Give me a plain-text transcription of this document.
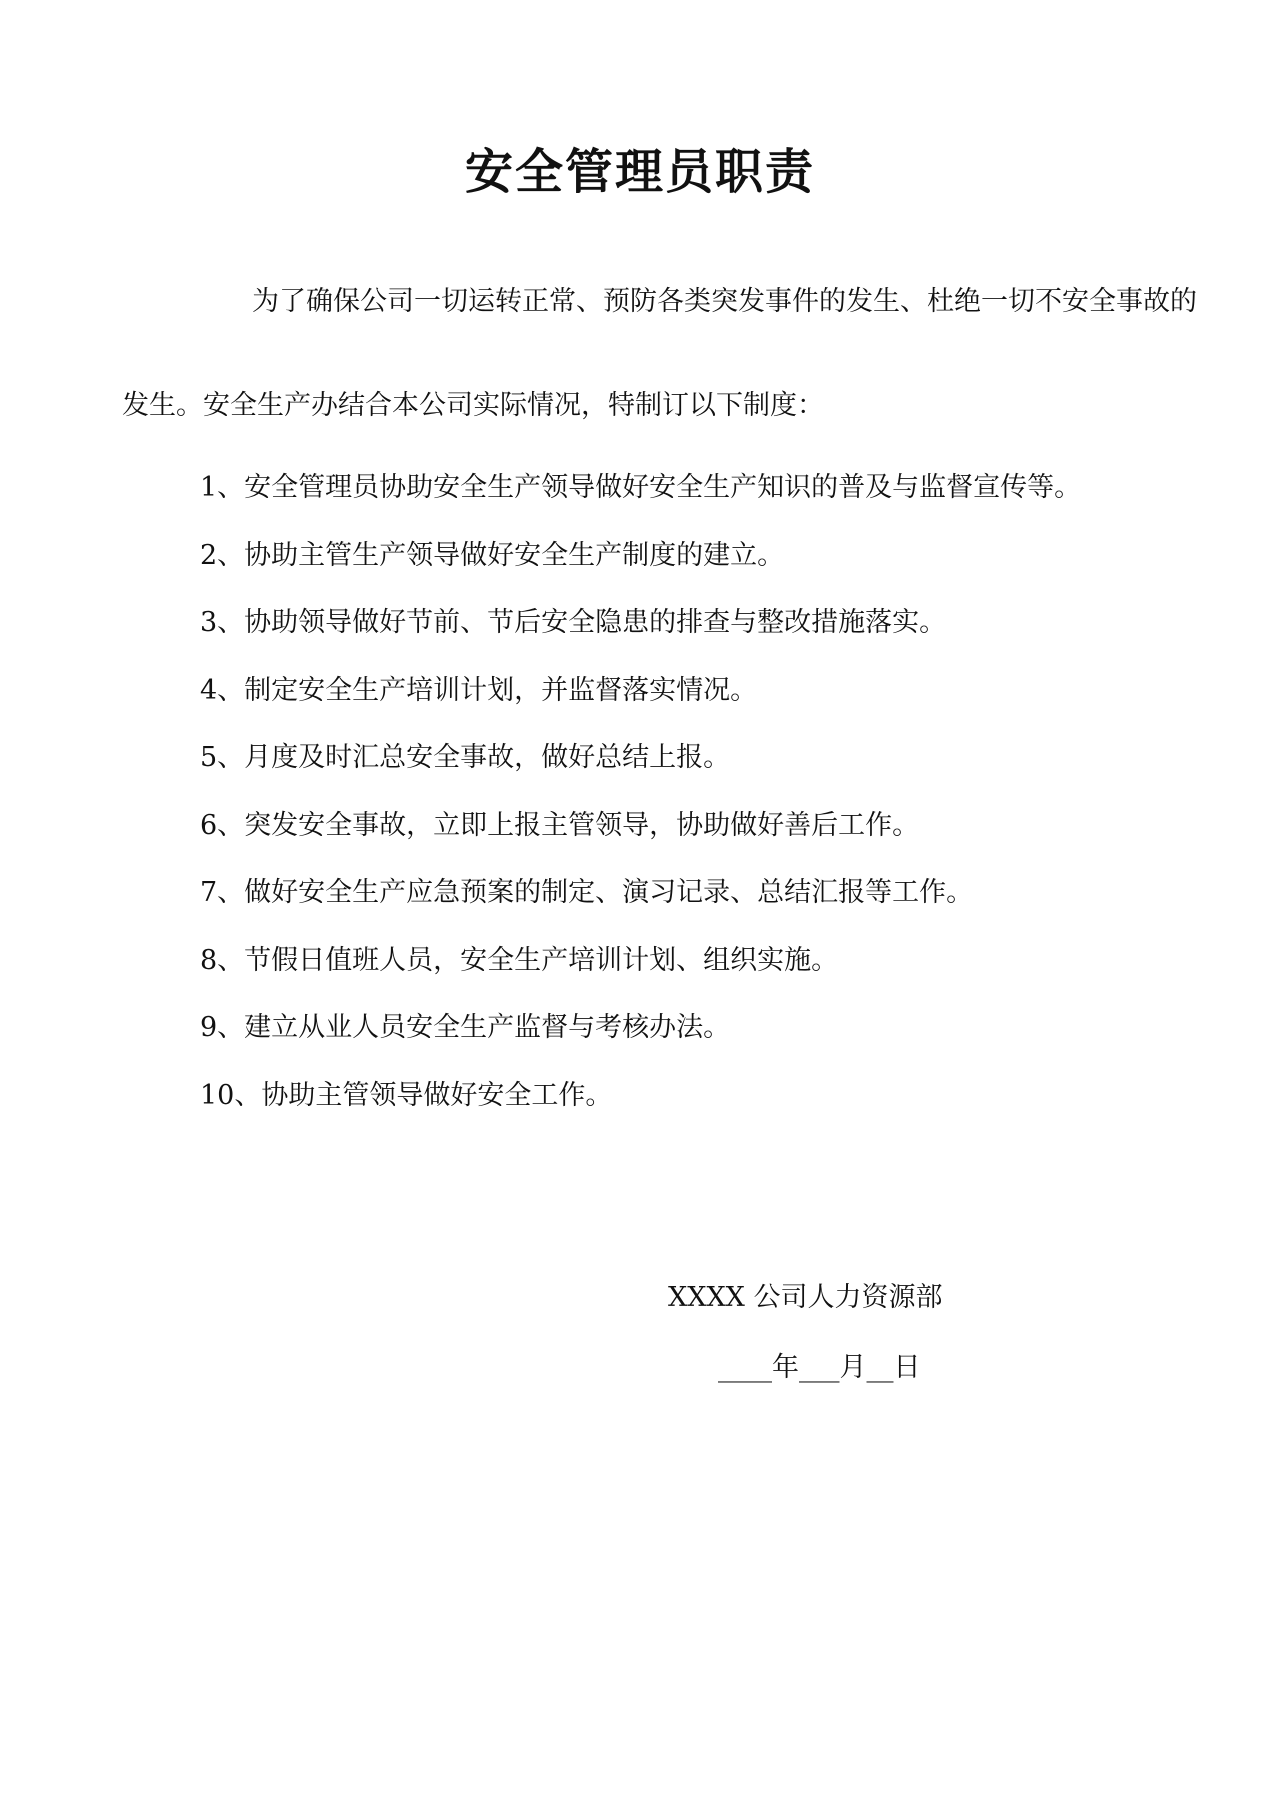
安全管理员职责
为了确保公司一切运转正常、预防各类突发事件的发生、杜绝一切不安全事故的
发生。安全生产办结合本公司实际情况，特制订以下制度：
1、安全管理员协助安全生产领导做好安全生产知识的普及与监督宣传等。
2、协助主管生产领导做好安全生产制度的建立。
3、协助领导做好节前、节后安全隐患的排查与整改措施落实。
4、制定安全生产培训计划，并监督落实情况。
5、月度及时汇总安全事故，做好总结上报。
6、突发安全事故，立即上报主管领导，协助做好善后工作。
7、做好安全生产应急预案的制定、演习记录、总结汇报等工作。
8、节假日值班人员，安全生产培训计划、组织实施。
9、建立从业人员安全生产监督与考核办法。
10、协助主管领导做好安全工作。
XXXX 公司人力资源部
____年___月__日
